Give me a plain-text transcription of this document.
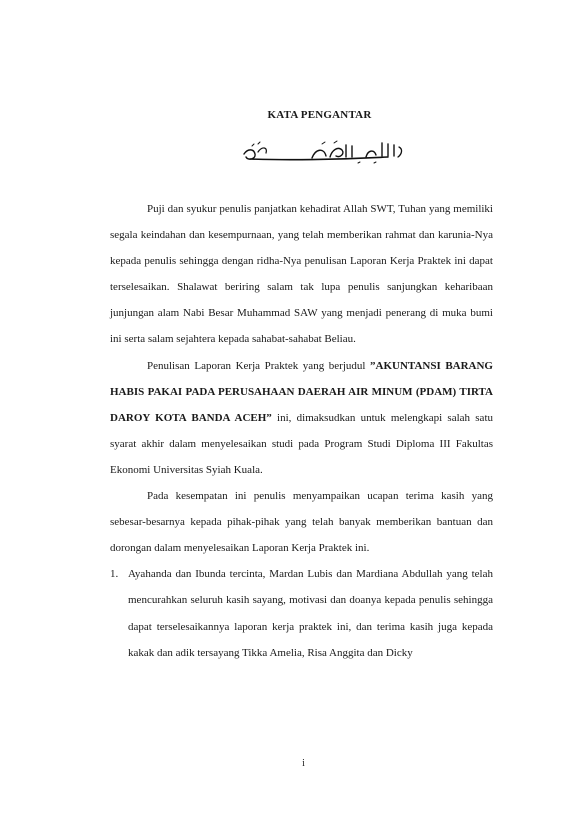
KATA PENGANTAR

Puji dan syukur penulis panjatkan kehadirat Allah SWT, Tuhan yang memiliki segala keindahan dan kesempurnaan, yang telah memberikan rahmat dan karunia-Nya kepada penulis sehingga dengan ridha-Nya penulisan Laporan Kerja Praktek ini dapat terselesaikan. Shalawat beriring salam tak lupa penulis sanjungkan keharibaan junjungan alam Nabi Besar Muhammad SAW yang menjadi penerang di muka bumi ini serta salam sejahtera kepada sahabat-sahabat Beliau.

Penulisan Laporan Kerja Praktek yang berjudul ”AKUNTANSI BARANG HABIS PAKAI PADA PERUSAHAAN DAERAH AIR MINUM (PDAM) TIRTA DAROY KOTA BANDA ACEH” ini, dimaksudkan untuk melengkapi salah satu syarat akhir dalam menyelesaikan studi pada Program Studi Diploma III Fakultas Ekonomi Universitas Syiah Kuala.

Pada kesempatan ini penulis menyampaikan ucapan terima kasih yang sebesar-besarnya kepada pihak-pihak yang telah banyak memberikan bantuan dan dorongan dalam menyelesaikan Laporan Kerja Praktek ini.

1. Ayahanda dan Ibunda tercinta, Mardan Lubis dan Mardiana Abdullah yang telah mencurahkan seluruh kasih sayang, motivasi dan doanya kepada penulis sehingga dapat terselesaikannya laporan kerja praktek ini, dan terima kasih juga kepada kakak dan adik tersayang Tikka Amelia, Risa Anggita dan Dicky
i
